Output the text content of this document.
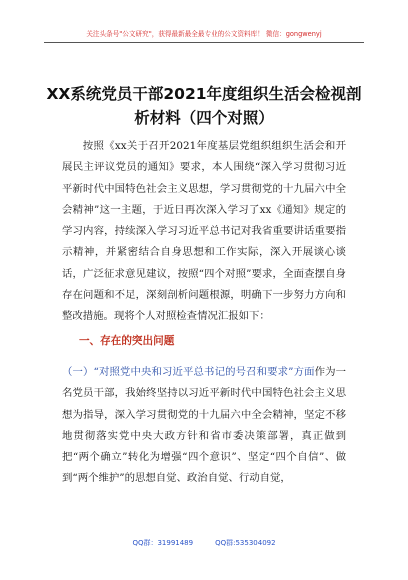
关注头条号"公文研究"，获得最新最全最专业的公文资料库！ 微信：gongwenyj
XX系统党员干部2021年度组织生活会检视剖析材料（四个对照）

按照《xx关于召开2021年度基层党组织组织生活会和开展民主评议党员的通知》要求，本人围绕“深入学习贯彻习近平新时代中国特色社会主义思想，学习贯彻党的十九届六中全会精神”这一主题，于近日再次深入学习了xx《通知》规定的学习内容，持续深入学习习近平总书记对我省重要讲话重要指示精神，并紧密结合自身思想和工作实际，深入开展谈心谈话，广泛征求意见建议，按照“四个对照”要求，全面查摆自身存在问题和不足，深刻剖析问题根源，明确下一步努力方向和整改措施。现将个人对照检查情况汇报如下：

一、存在的突出问题

（一）“对照党中央和习近平总书记的号召和要求”方面作为一名党员干部，我始终坚持以习近平新时代中国特色社会主义思想为指导，深入学习贯彻党的十九届六中全会精神，坚定不移地贯彻落实党中央大政方针和省市委决策部署，真正做到把“两个确立”转化为增强“四个意识”、坚定“四个自信”、做到“两个维护”的思想自觉、政治自觉、行动自觉，

QQ群：31991489	QQ群:535304092
